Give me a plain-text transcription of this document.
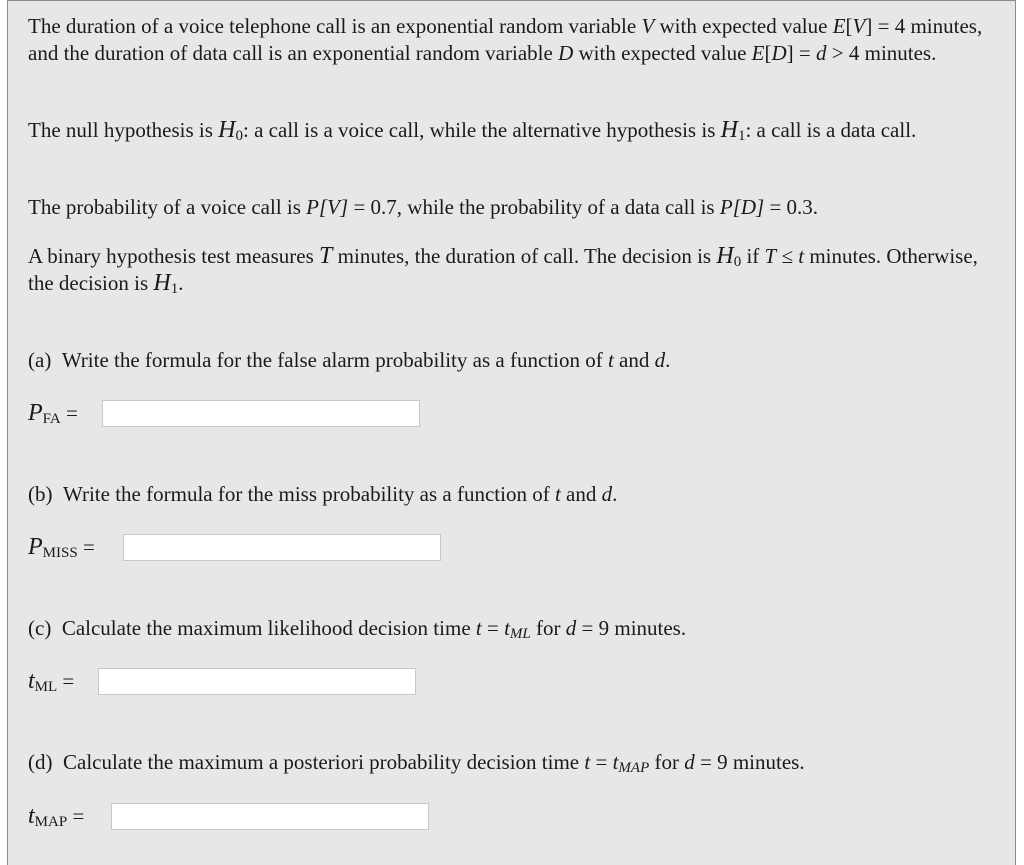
The duration of a voice telephone call is an exponential random variable V with expected value E[V] = 4 minutes, and the duration of data call is an exponential random variable D with expected value E[D] = d > 4 minutes.

The null hypothesis is $H_0$: a call is a voice call, while the alternative hypothesis is $H_1$: a call is a data call.

The probability of a voice call is P[V] = 0.7, while the probability of a data call is P[D] = 0.3.

A binary hypothesis test measures T minutes, the duration of call. The decision is $H_0$ if T ≤ t minutes. Otherwise, the decision is $H_1$.

(a) Write the formula for the false alarm probability as a function of t and d.

$P_{FA}$ =

(b) Write the formula for the miss probability as a function of t and d.

$P_{MISS}$ =

(c) Calculate the maximum likelihood decision time $t = t_{ML}$ for d = 9 minutes.

$t_{ML}$ =

(d) Calculate the maximum a posteriori probability decision time $t = t_{MAP}$ for d = 9 minutes.

$t_{MAP}$ =
